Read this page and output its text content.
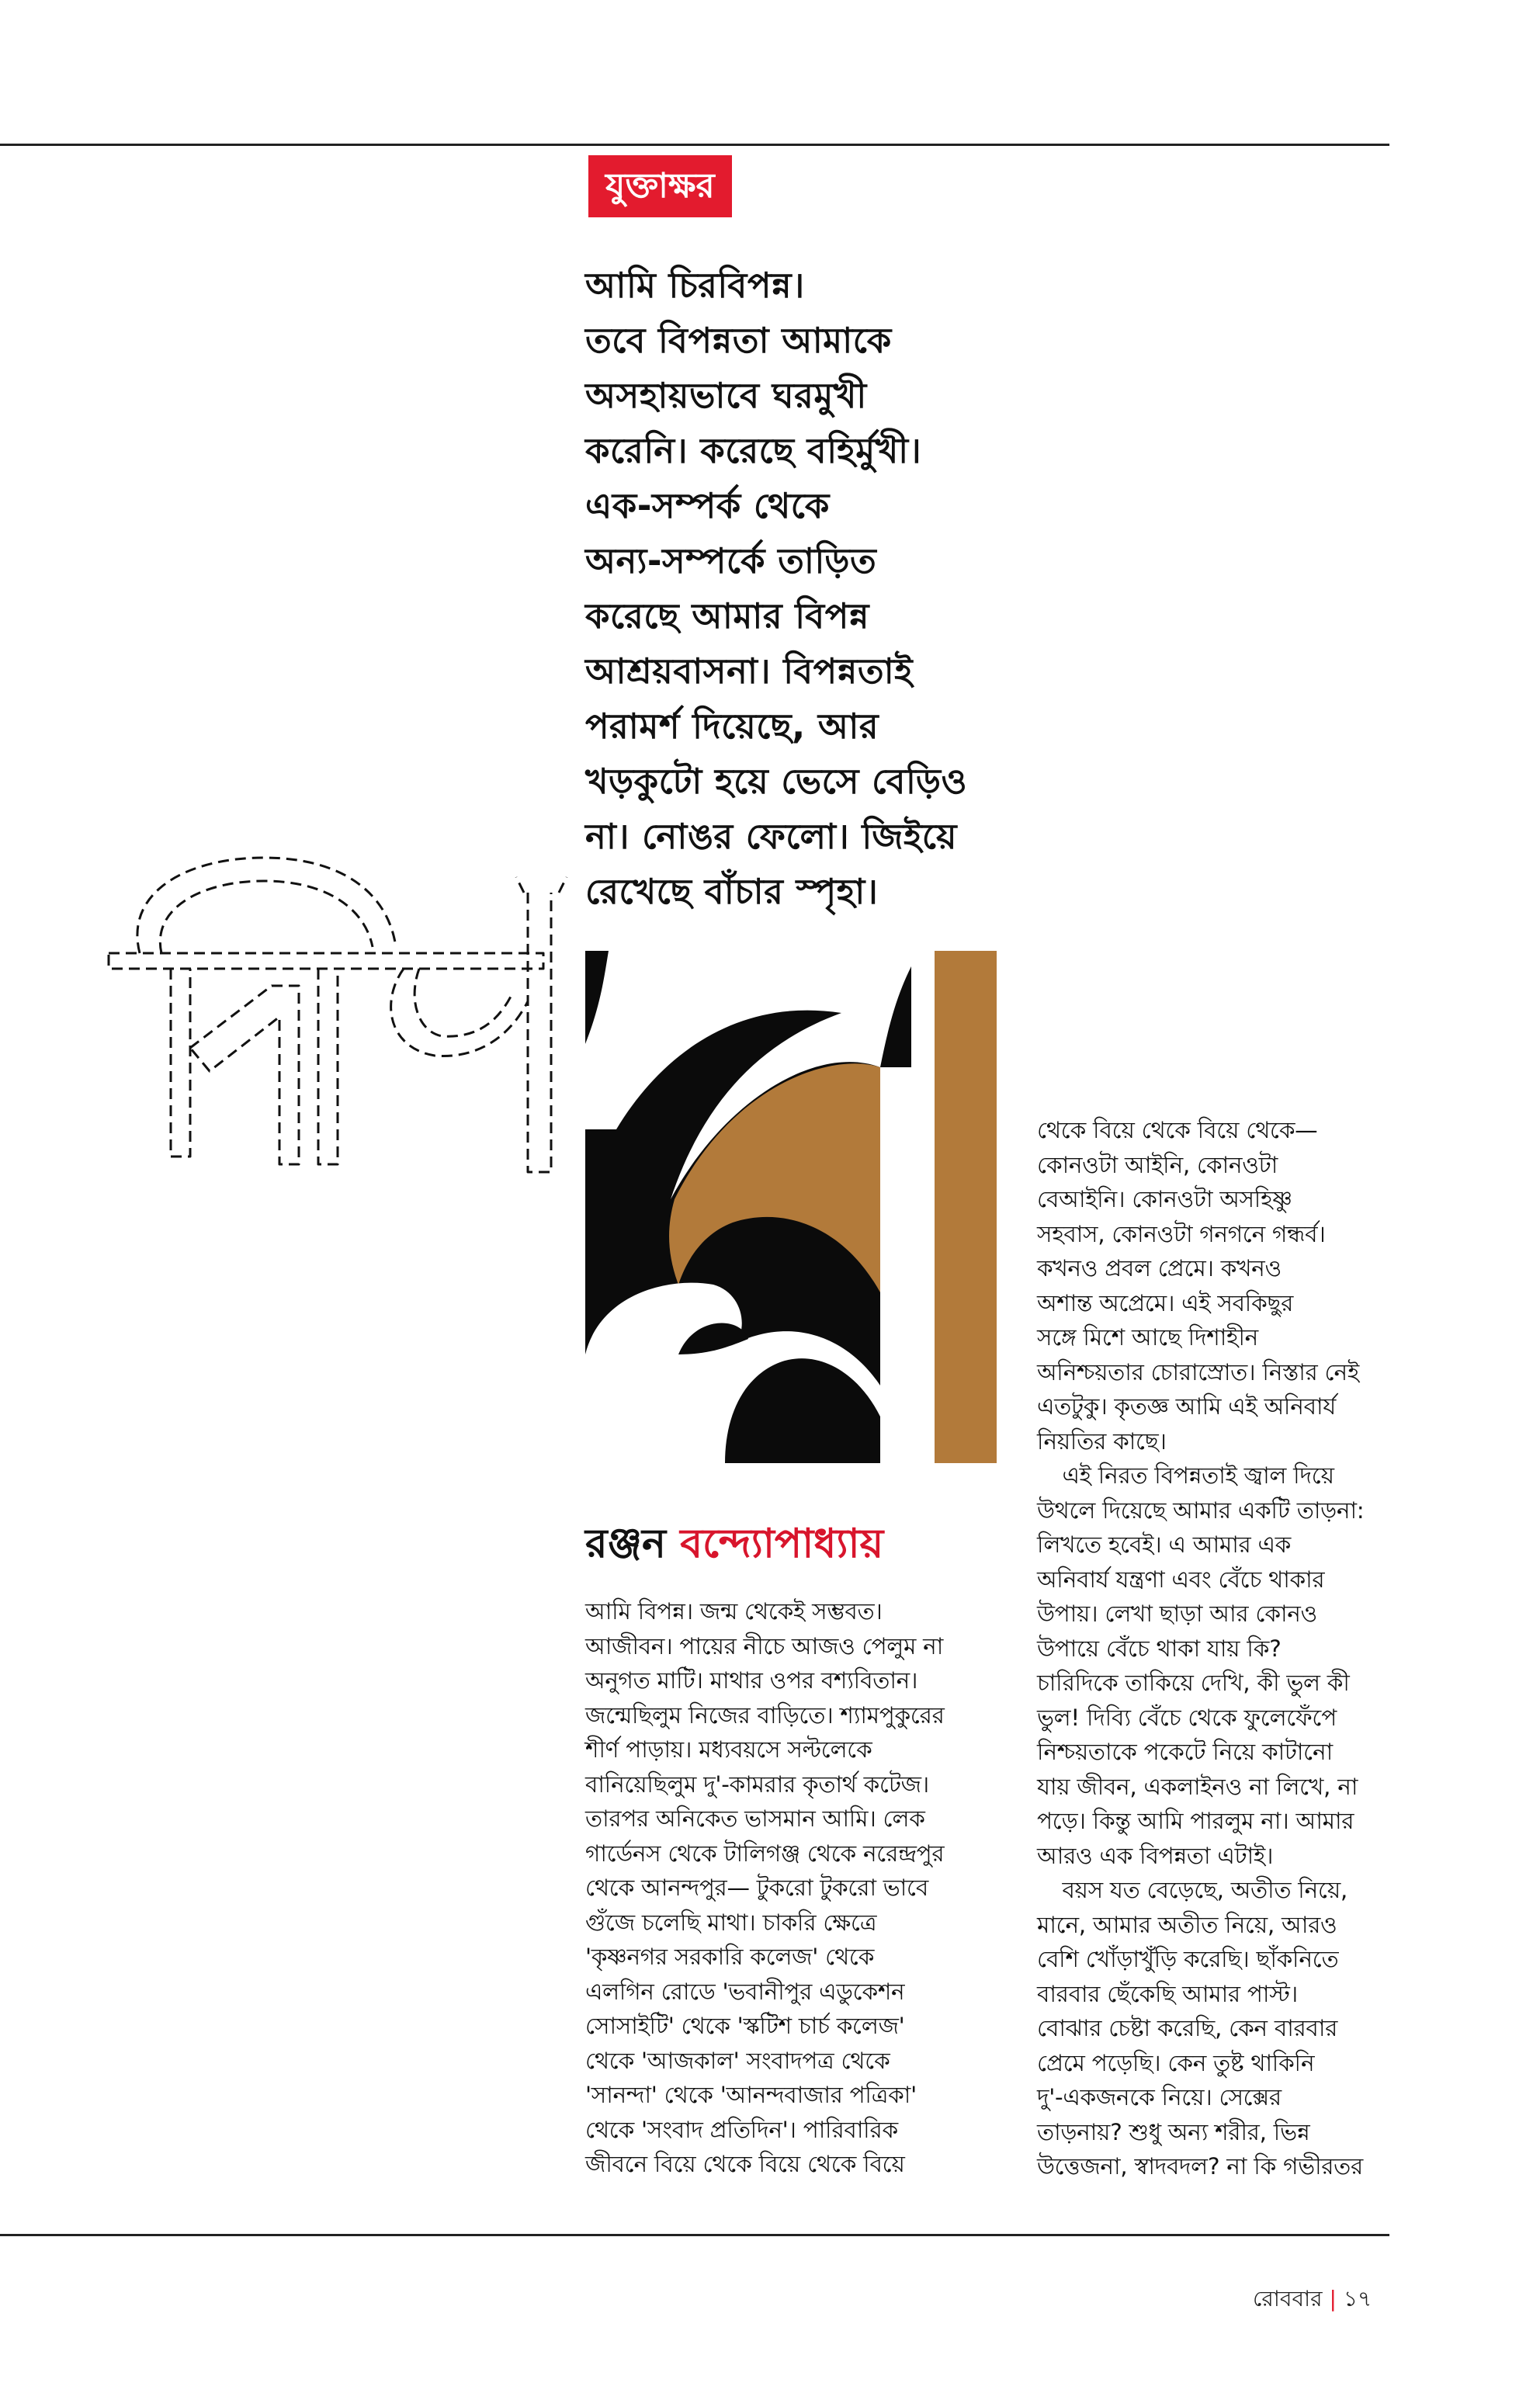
যুক্তাক্ষর

আমি চিরবিপন্ন।

তবে বিপন্নতা আমাকে

অসহায়ভাবে ঘরমুখী

করেনি। করেছে বহির্মুখী।

এক-সম্পর্ক থেকে

অন্য-সম্পর্কে তাড়িত

করেছে আমার বিপন্ন

আশ্রয়বাসনা। বিপন্নতাই

পরামর্শ দিয়েছে, আর

খড়কুটো হয়ে ভেসে বেড়িও

না। নোঙর ফেলো। জিইয়ে

রেখেছে বাঁচার স্পৃহা।

রঞ্জন বন্দ্যোপাধ্যায়

আমি বিপন্ন। জন্ম থেকেই সম্ভবত।

আজীবন। পায়ের নীচে আজও পেলুম না

অনুগত মাটি। মাথার ওপর বশ্যবিতান।

জন্মেছিলুম নিজের বাড়িতে। শ্যামপুকুরের

শীর্ণ পাড়ায়। মধ্যবয়সে সল্টলেকে

বানিয়েছিলুম দু'-কামরার কৃতার্থ কটেজ।

তারপর অনিকেত ভাসমান আমি। লেক

গার্ডেনস থেকে টালিগঞ্জ থেকে নরেন্দ্রপুর

থেকে আনন্দপুর— টুকরো টুকরো ভাবে

গুঁজে চলেছি মাথা। চাকরি ক্ষেত্রে

'কৃষ্ণনগর সরকারি কলেজ' থেকে

এলগিন রোডে 'ভবানীপুর এডুকেশন

সোসাইটি' থেকে 'স্কটিশ চার্চ কলেজ'

থেকে 'আজকাল' সংবাদপত্র থেকে

'সানন্দা' থেকে 'আনন্দবাজার পত্রিকা'

থেকে 'সংবাদ প্রতিদিন'। পারিবারিক

জীবনে বিয়ে থেকে বিয়ে থেকে বিয়ে

থেকে বিয়ে থেকে বিয়ে থেকে—

কোনওটা আইনি, কোনওটা

বেআইনি। কোনওটা অসহিষ্ণু

সহবাস, কোনওটা গনগনে গন্ধর্ব।

কখনও প্রবল প্রেমে। কখনও

অশান্ত অপ্রেমে। এই সবকিছুর

সঙ্গে মিশে আছে দিশাহীন

অনিশ্চয়তার চোরাস্রোত। নিস্তার নেই

এতটুকু। কৃতজ্ঞ আমি এই অনিবার্য

নিয়তির কাছে।

এই নিরত বিপন্নতাই জ্বাল দিয়ে

উথলে দিয়েছে আমার একটি তাড়না:

লিখতে হবেই। এ আমার এক

অনিবার্য যন্ত্রণা এবং বেঁচে থাকার

উপায়। লেখা ছাড়া আর কোনও

উপায়ে বেঁচে থাকা যায় কি?

চারিদিকে তাকিয়ে দেখি, কী ভুল কী

ভুল! দিব্যি বেঁচে থেকে ফুলেফেঁপে

নিশ্চয়তাকে পকেটে নিয়ে কাটানো

যায় জীবন, একলাইনও না লিখে, না

পড়ে। কিন্তু আমি পারলুম না। আমার

আরও এক বিপন্নতা এটাই।

বয়স যত বেড়েছে, অতীত নিয়ে,

মানে, আমার অতীত নিয়ে, আরও

বেশি খোঁড়াখুঁড়ি করেছি। ছাঁকনিতে

বারবার ছেঁকেছি আমার পাস্ট।

বোঝার চেষ্টা করেছি, কেন বারবার

প্রেমে পড়েছি। কেন তুষ্ট থাকিনি

দু'-একজনকে নিয়ে। সেক্সের

তাড়নায়? শুধু অন্য শরীর, ভিন্ন

উত্তেজনা, স্বাদবদল? না কি গভীরতর

রোববার | ১৭
